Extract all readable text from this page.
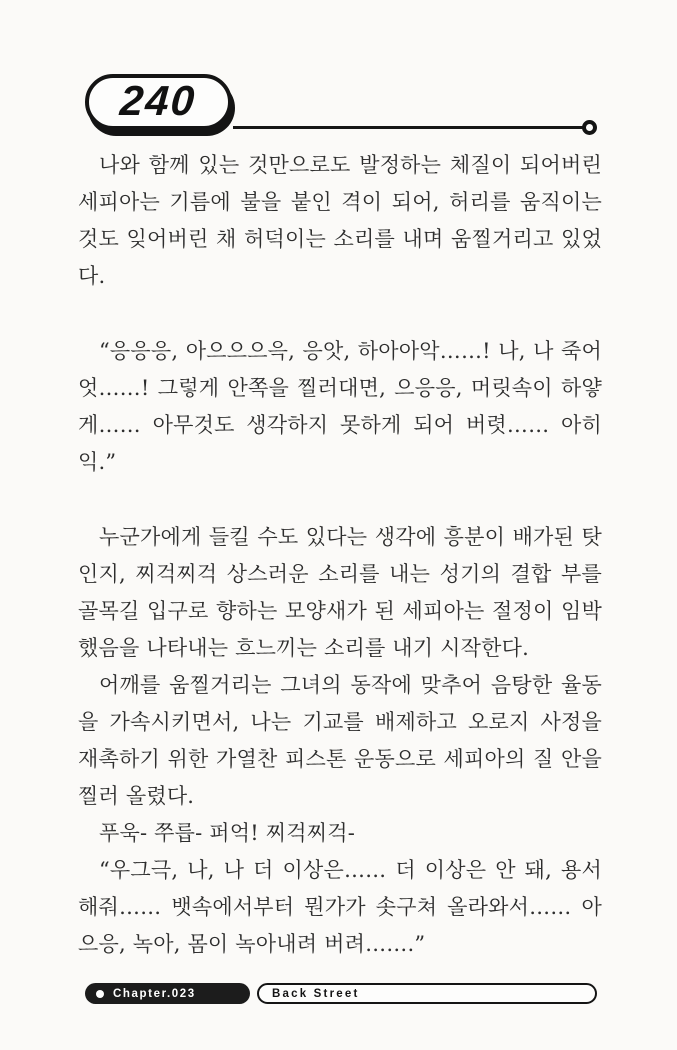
240

나와 함께 있는 것만으로도 발정하는 체질이 되어버린 세피아는 기름에 불을 붙인 격이 되어, 허리를 움직이는 것도 잊어버린 채 허덕이는 소리를 내며 움찔거리고 있었다.

“응응응, 아으으으윽, 응앗, 하아아악……! 나, 나 죽어엇……! 그렇게 안쪽을 찔러대면, 으응응, 머릿속이 하얗게…… 아무것도 생각하지 못하게 되어 버렷…… 아히익.”

누군가에게 들킬 수도 있다는 생각에 흥분이 배가된 탓인지, 찌걱찌걱 상스러운 소리를 내는 성기의 결합 부를 골목길 입구로 향하는 모양새가 된 세피아는 절정이 임박했음을 나타내는 흐느끼는 소리를 내기 시작한다.

어깨를 움찔거리는 그녀의 동작에 맞추어 음탕한 율동을 가속시키면서, 나는 기교를 배제하고 오로지 사정을 재촉하기 위한 가열찬 피스톤 운동으로 세피아의 질 안을 찔러 올렸다.

푸욱- 쭈릅- 퍼억! 찌걱찌걱-

“우그극, 나, 나 더 이상은…… 더 이상은 안 돼, 용서해줘…… 뱃속에서부터 뭔가가 솟구쳐 올라와서…… 아으응, 녹아, 몸이 녹아내려 버려…….”

Chapter.023	Back Street
